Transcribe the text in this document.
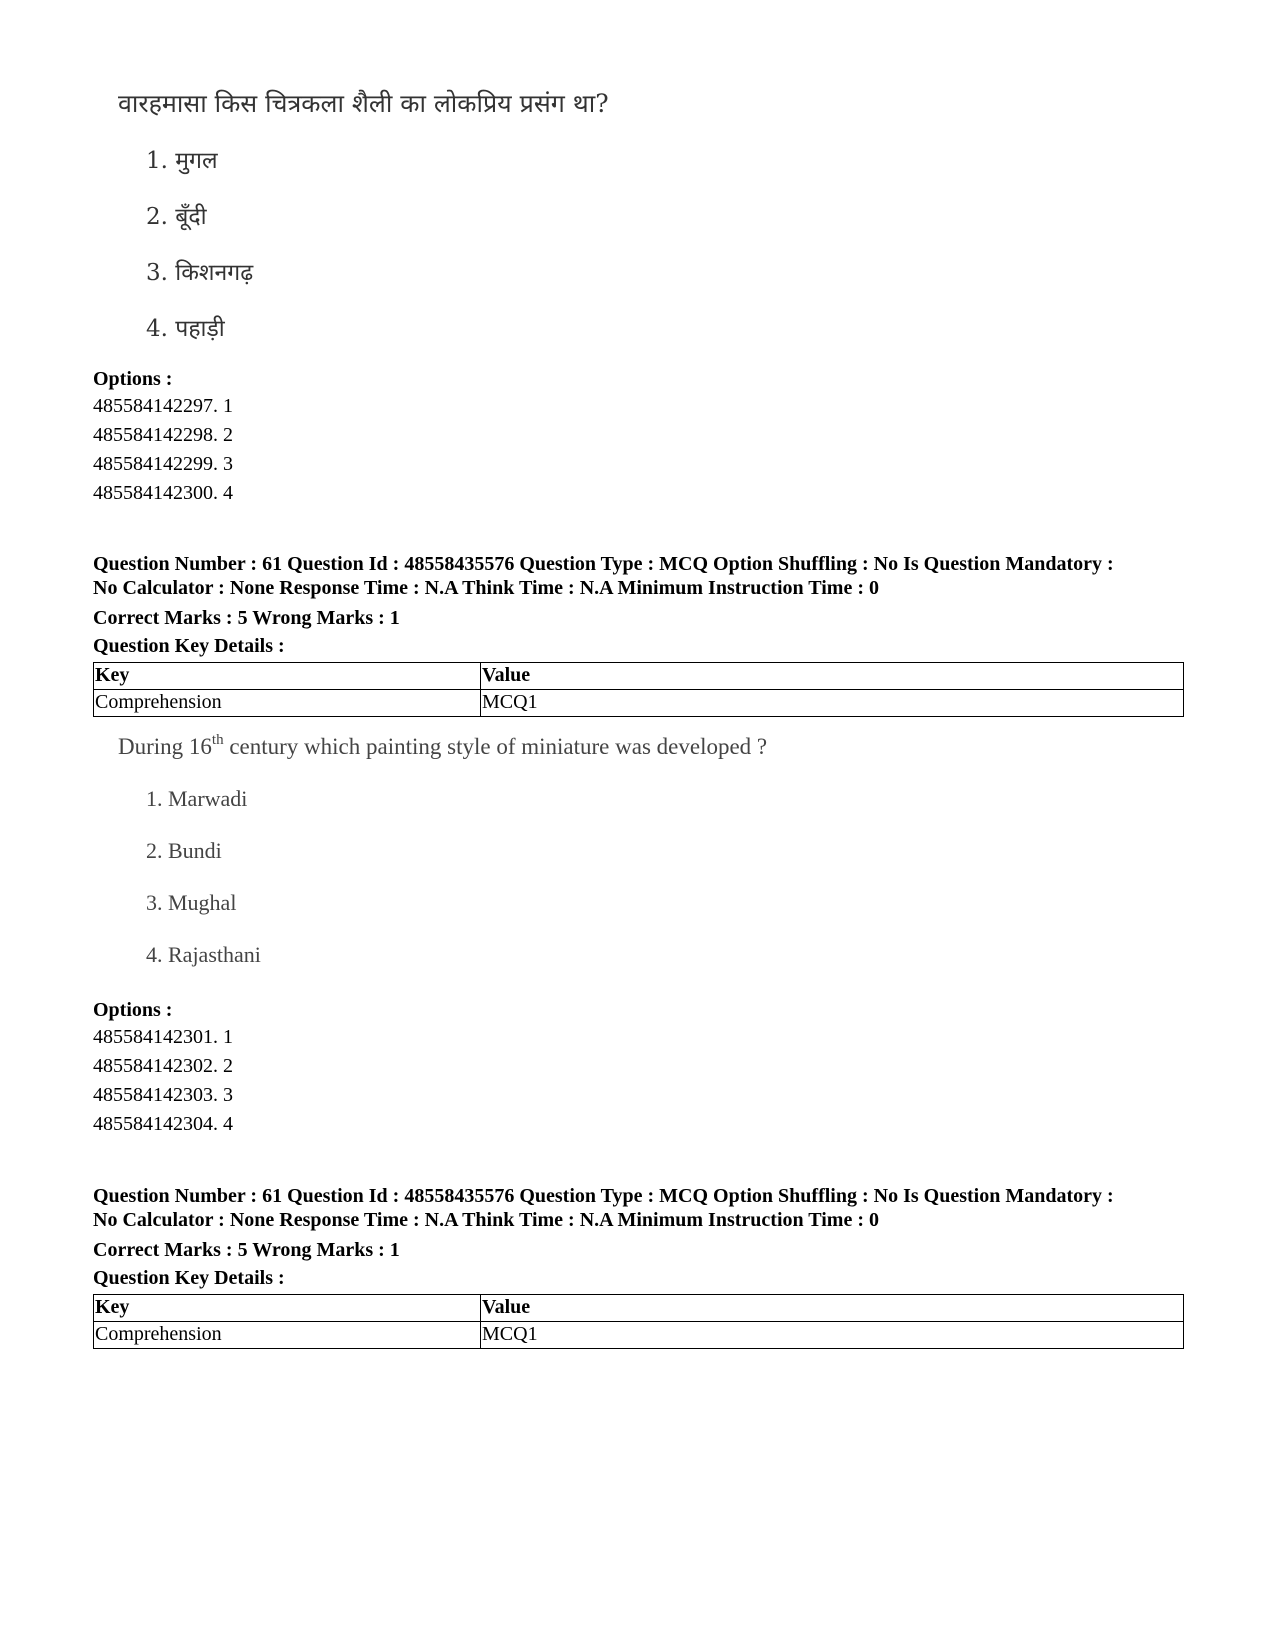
वारहमासा किस चित्रकला शैली का लोकप्रिय प्रसंग था?
1. मुगल
2. बूँदी
3. किशनगढ़
4. पहाड़ी

Options :

485584142297. 1

485584142298. 2

485584142299. 3

485584142300. 4

Question Number : 61 Question Id : 48558435576 Question Type : MCQ Option Shuffling : No Is Question Mandatory :

No Calculator : None Response Time : N.A Think Time : N.A Minimum Instruction Time : 0

Correct Marks : 5 Wrong Marks : 1

Question Key Details :

Key	Value
Comprehension	MCQ1
During 16th century which painting style of miniature was developed ?
1. Marwadi
2. Bundi
3. Mughal
4. Rajasthani

Options :

485584142301. 1

485584142302. 2

485584142303. 3

485584142304. 4

Question Number : 61 Question Id : 48558435576 Question Type : MCQ Option Shuffling : No Is Question Mandatory :

No Calculator : None Response Time : N.A Think Time : N.A Minimum Instruction Time : 0

Correct Marks : 5 Wrong Marks : 1

Question Key Details :

Key	Value
Comprehension	MCQ1
